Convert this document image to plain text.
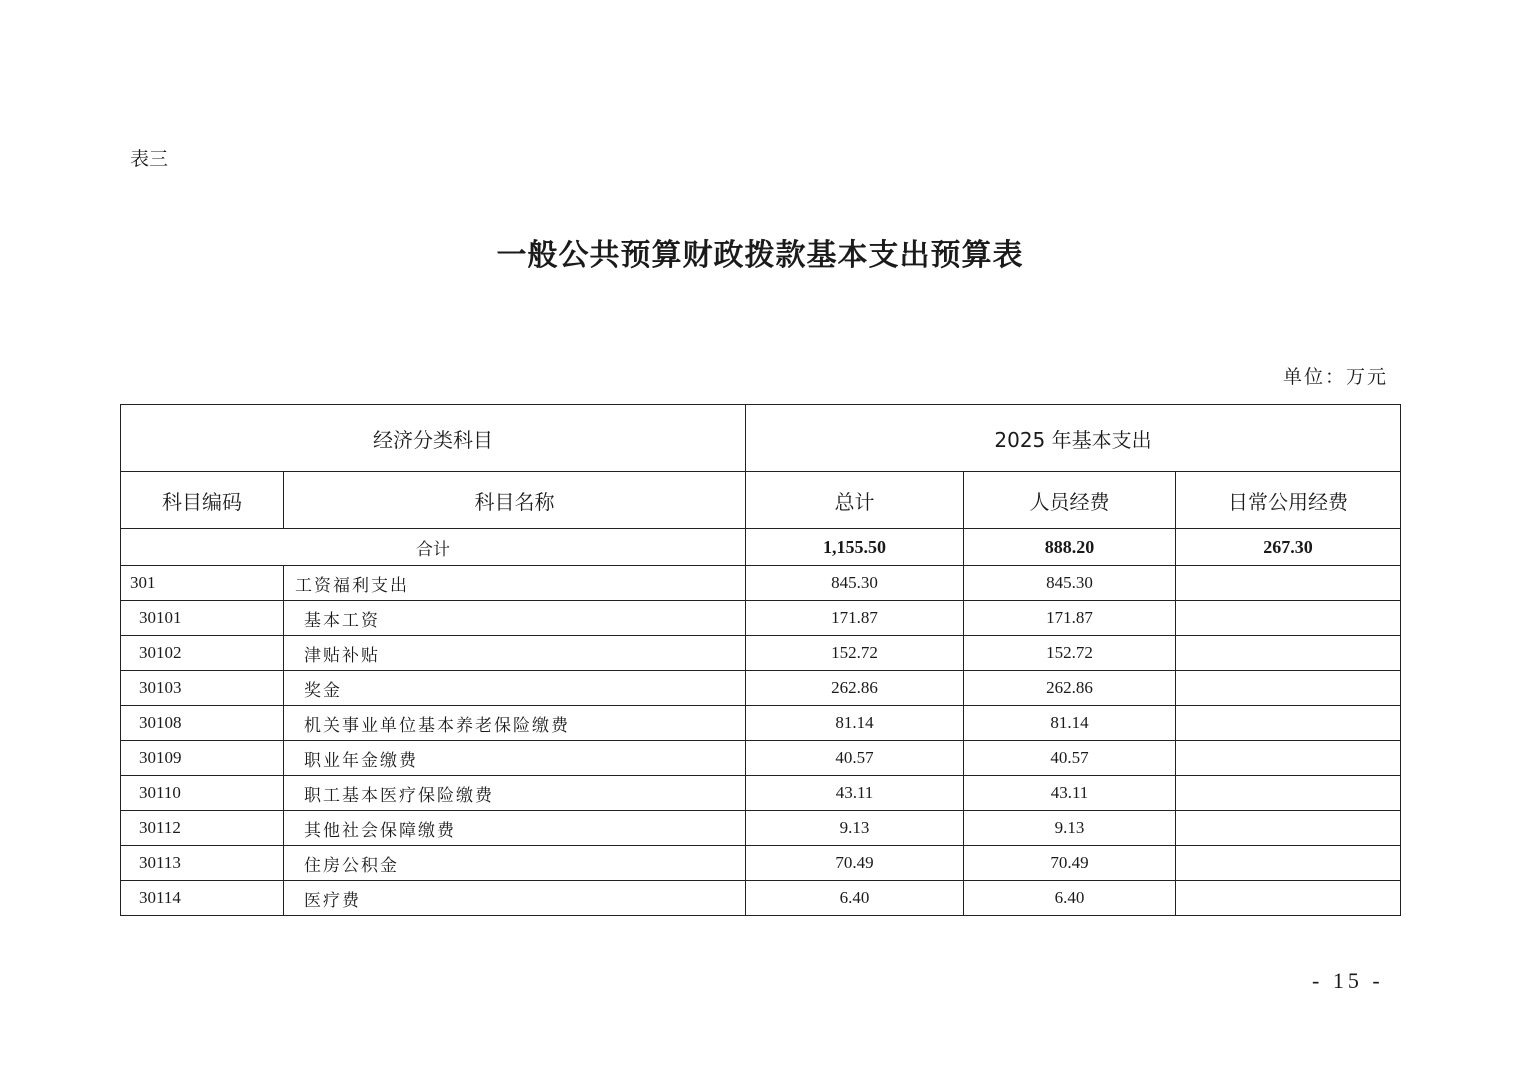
表三
一般公共预算财政拨款基本支出预算表
单位：万元
经济分类科目		2025 年基本支出		
科目编码	科目名称	总计	人员经费	日常公用经费
合计		1,155.50	888.20	267.30
301	工资福利支出	845.30	845.30	
30101	基本工资	171.87	171.87	
30102	津贴补贴	152.72	152.72	
30103	奖金	262.86	262.86	
30108	机关事业单位基本养老保险缴费	81.14	81.14	
30109	职业年金缴费	40.57	40.57	
30110	职工基本医疗保险缴费	43.11	43.11	
30112	其他社会保障缴费	9.13	9.13	
30113	住房公积金	70.49	70.49	
30114	医疗费	6.40	6.40	
- 15 -
